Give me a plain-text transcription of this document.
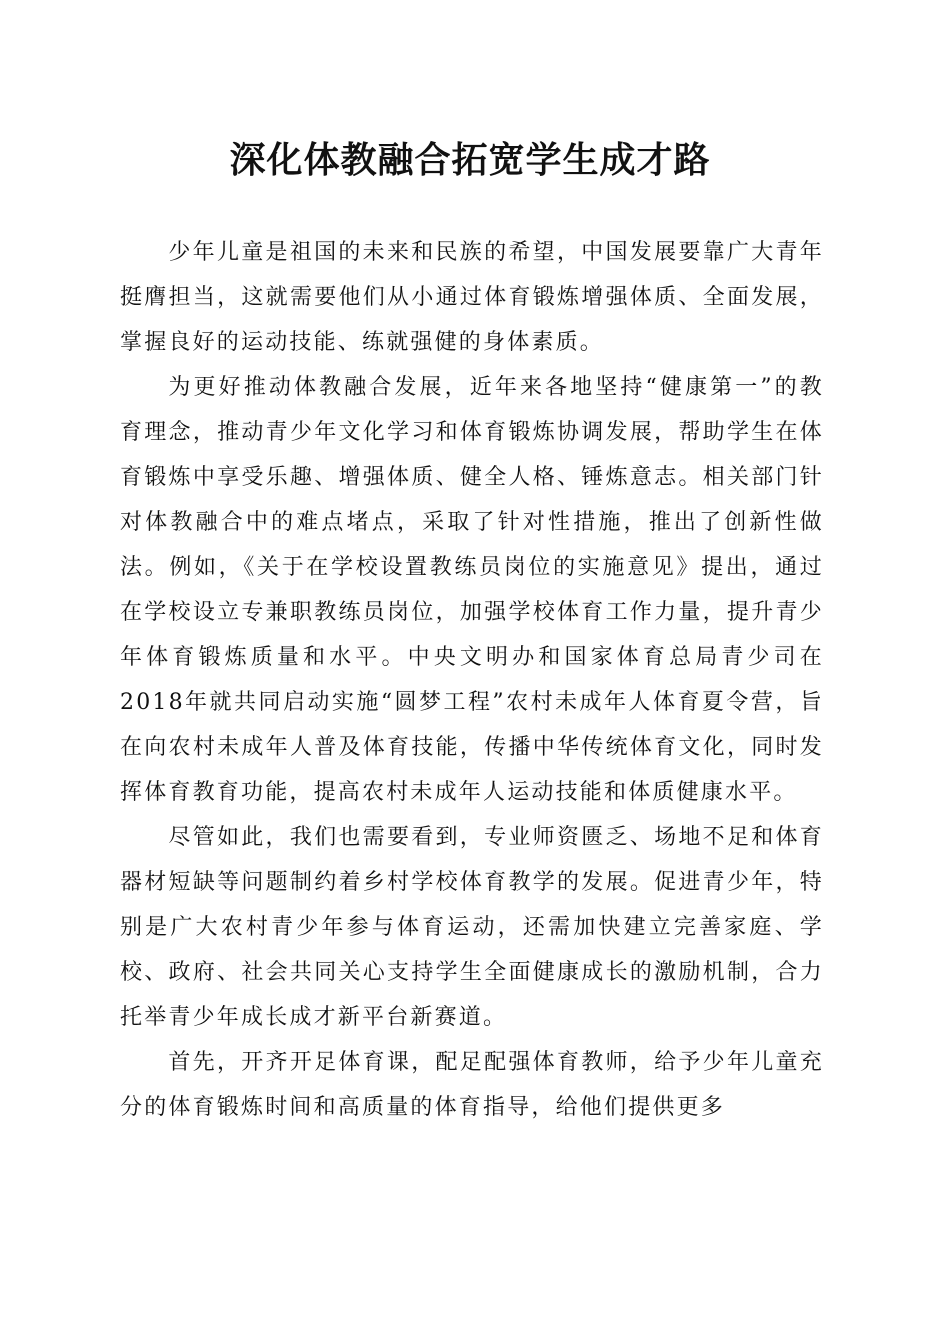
深化体教融合拓宽学生成才路

少年儿童是祖国的未来和民族的希望，中国发展要靠广大青年挺膺担当，这就需要他们从小通过体育锻炼增强体质、全面发展，掌握良好的运动技能、练就强健的身体素质。

为更好推动体教融合发展，近年来各地坚持“健康第一”的教育理念，推动青少年文化学习和体育锻炼协调发展，帮助学生在体育锻炼中享受乐趣、增强体质、健全人格、锤炼意志。相关部门针对体教融合中的难点堵点，采取了针对性措施，推出了创新性做法。例如，《关于在学校设置教练员岗位的实施意见》提出，通过在学校设立专兼职教练员岗位，加强学校体育工作力量，提升青少年体育锻炼质量和水平。中央文明办和国家体育总局青少司在2018年就共同启动实施“圆梦工程”农村未成年人体育夏令营，旨在向农村未成年人普及体育技能，传播中华传统体育文化，同时发挥体育教育功能，提高农村未成年人运动技能和体质健康水平。

尽管如此，我们也需要看到，专业师资匮乏、场地不足和体育器材短缺等问题制约着乡村学校体育教学的发展。促进青少年，特别是广大农村青少年参与体育运动，还需加快建立完善家庭、学校、政府、社会共同关心支持学生全面健康成长的激励机制，合力托举青少年成长成才新平台新赛道。

首先，开齐开足体育课，配足配强体育教师，给予少年儿童充分的体育锻炼时间和高质量的体育指导，给他们提供更多
